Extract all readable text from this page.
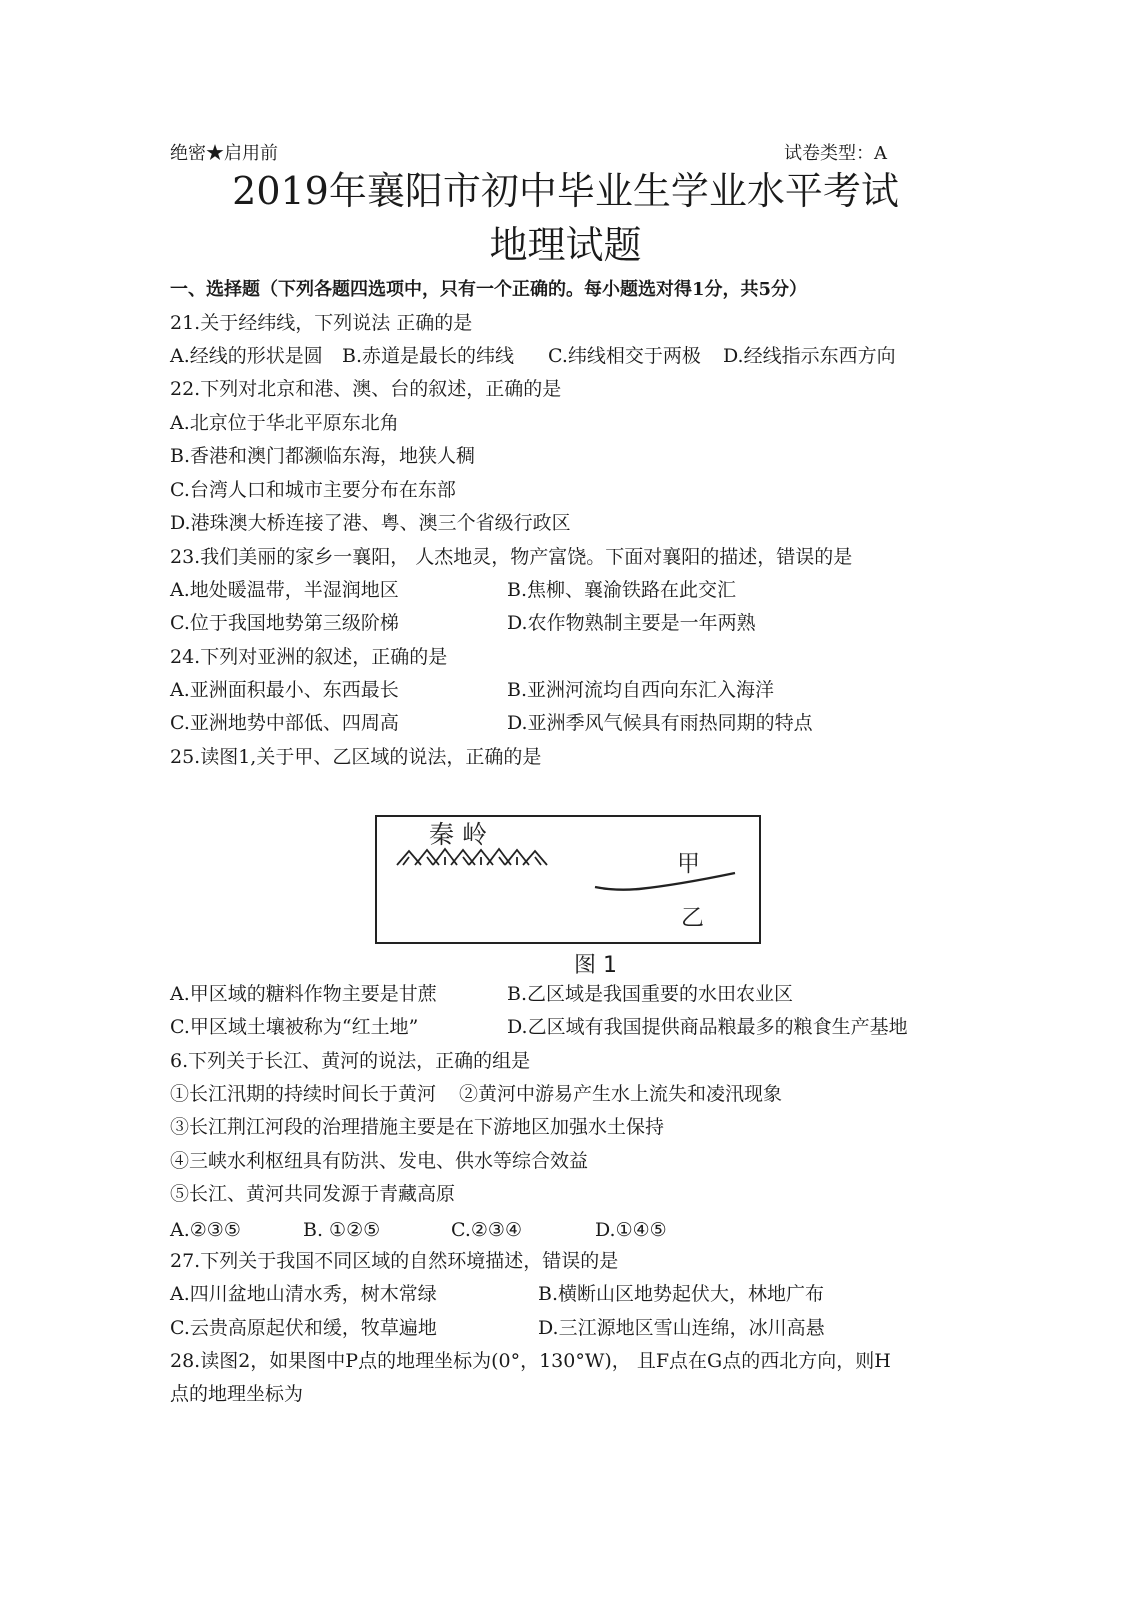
绝密★启用前	试卷类型：A
2019年襄阳市初中毕业生学业水平考试
地理试题
一、选择题（下列各题四选项中，只有一个正确的。每小题选对得1分，共5分）
21.关于经纬线，下列说法 正确的是
A.经线的形状是圆 B.赤道是最长的纬线 C.纬线相交于两极 D.经线指示东西方向
22.下列对北京和港、澳、台的叙述，正确的是
A.北京位于华北平原东北角
B.香港和澳门都濒临东海，地狭人稠
C.台湾人口和城市主要分布在东部
D.港珠澳大桥连接了港、粤、澳三个省级行政区
23.我们美丽的家乡一襄阳， 人杰地灵，物产富饶。下面对襄阳的描述，错误的是
A.地处暖温带，半湿润地区	B.焦柳、襄渝铁路在此交汇
C.位于我国地势第三级阶梯	D.农作物熟制主要是一年两熟
24.下列对亚洲的叙述，正确的是
A.亚洲面积最小、东西最长	B.亚洲河流均自西向东汇入海洋
C.亚洲地势中部低、四周高	D.亚洲季风气候具有雨热同期的特点
25.读图1,关于甲、乙区域的说法，正确的是
秦 岭
甲
乙
图 1
A.甲区域的糖料作物主要是甘蔗	B.乙区域是我国重要的水田农业区
C.甲区域土壤被称为“红土地”	D.乙区域有我国提供商品粮最多的粮食生产基地
6.下列关于长江、黄河的说法，正确的组是
①长江汛期的持续时间长于黄河 ②黄河中游易产生水上流失和凌汛现象
③长江荆江河段的治理措施主要是在下游地区加强水土保持
④三峡水利枢纽具有防洪、发电、供水等综合效益
⑤长江、黄河共同发源于青藏高原
A.②③⑤	B. ①②⑤	C.②③④	D.①④⑤
27.下列关于我国不同区域的自然环境描述，错误的是
A.四川盆地山清水秀，树木常绿	B.横断山区地势起伏大，林地广布
C.云贵高原起伏和缓，牧草遍地	D.三江源地区雪山连绵，冰川高悬
28.读图2，如果图中P点的地理坐标为(0°，130°W)， 且F点在G点的西北方向，则H
点的地理坐标为
